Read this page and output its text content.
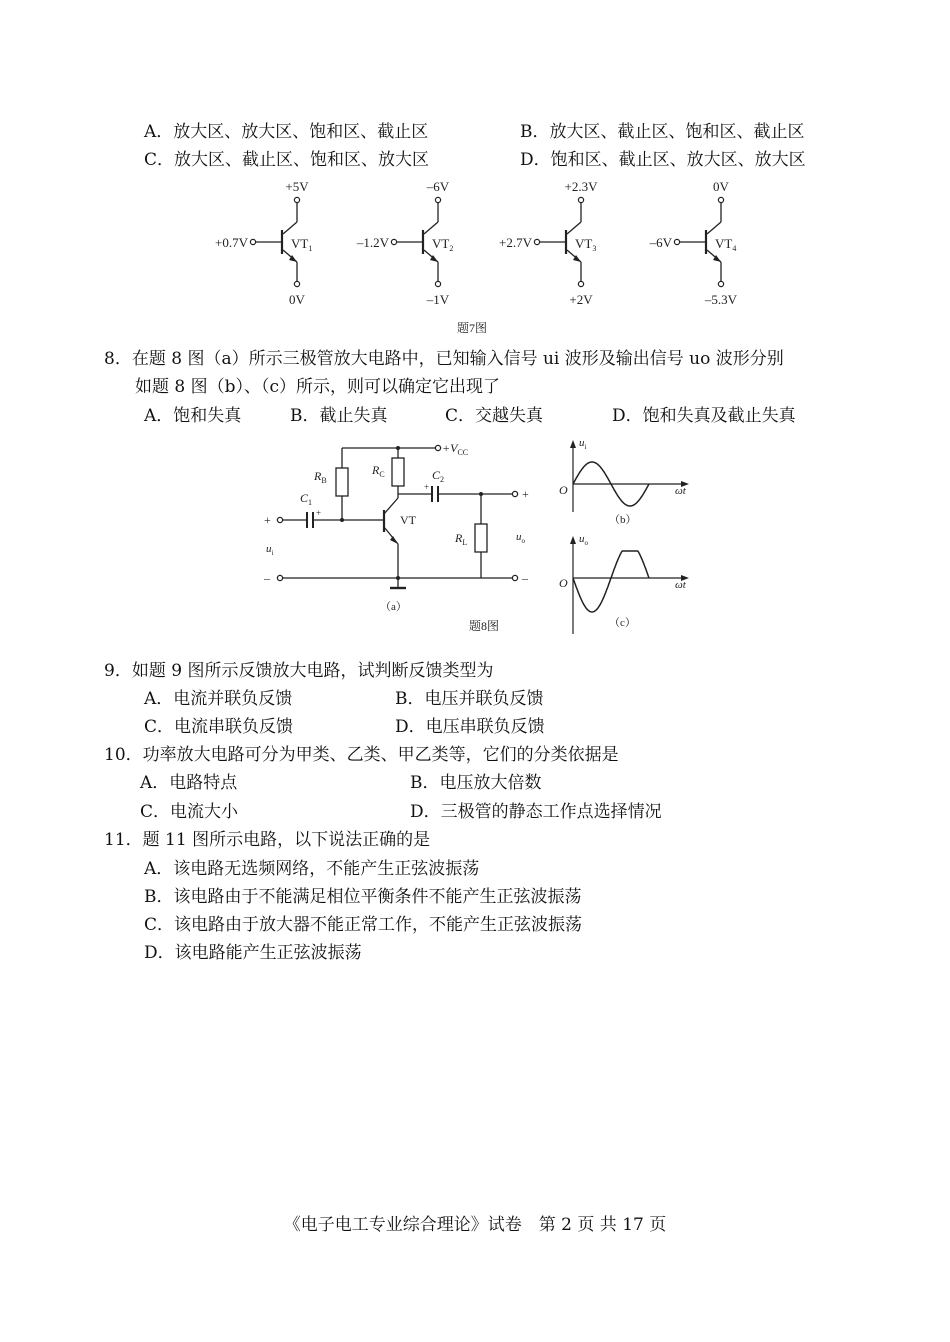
A．放大区、放大区、饱和区、截止区	B．放大区、截止区、饱和区、截止区
C．放大区、截止区、饱和区、放大区	D．饱和区、截止区、放大区、放大区
+5V
+0.7V
0V
$VT_1$
–6V
–1.2V
–1V
$VT_2$
+2.3V
+2.7V
+2V
$VT_3$
0V
–6V
–5.3V
$VT_4$
题7图
8．在题 8 图（a）所示三极管放大电路中，已知输入信号 ui 波形及输出信号 uo 波形分别
如题 8 图（b）、（c）所示，则可以确定它出现了
A．饱和失真	B．截止失真	C．交越失真	D．饱和失真及截止失真
$+V_{CC}$
$R_B$
$R_C$
$C_1$
$C_2$
+
+
VT
$R_L$
+
–
$u_i$
+
–
$u_o$
（a）
$u_i$
O	ωt
（b）
$u_o$
O	ωt
（c）
题8图
9．如题 9 图所示反馈放大电路，试判断反馈类型为
A．电流并联负反馈	B．电压并联负反馈
C．电流串联负反馈	D．电压串联负反馈
10．功率放大电路可分为甲类、乙类、甲乙类等，它们的分类依据是
A．电路特点	B．电压放大倍数
C．电流大小	D．三极管的静态工作点选择情况
11．题 11 图所示电路，以下说法正确的是
A．该电路无选频网络，不能产生正弦波振荡
B．该电路由于不能满足相位平衡条件不能产生正弦波振荡
C．该电路由于放大器不能正常工作，不能产生正弦波振荡
D．该电路能产生正弦波振荡
《电子电工专业综合理论》试卷　第 2 页 共 17 页
